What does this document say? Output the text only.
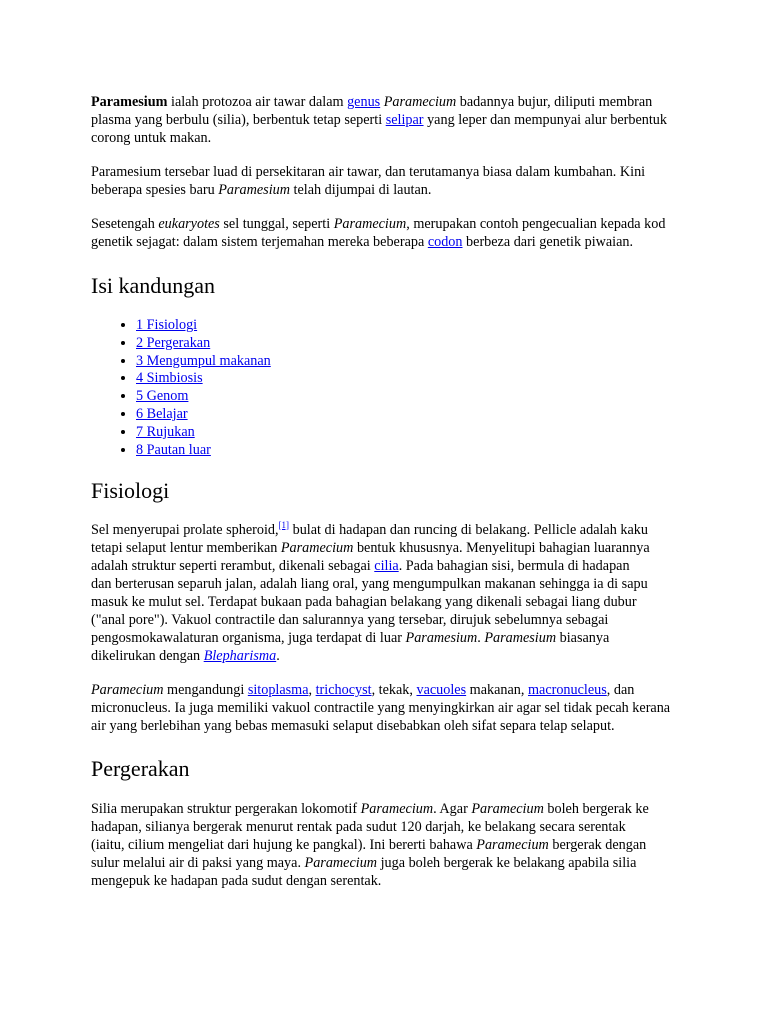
Paramesium ialah protozoa air tawar dalam genus Paramecium badannya bujur, diliputi membran plasma yang berbulu (silia), berbentuk tetap seperti selipar yang leper dan mempunyai alur berbentuk corong untuk makan.

Paramesium tersebar luad di persekitaran air tawar, dan terutamanya biasa dalam kumbahan. Kini beberapa spesies baru Paramesium telah dijumpai di lautan.

Sesetengah eukaryotes sel tunggal, seperti Paramecium, merupakan contoh pengecualian kepada kod genetik sejagat: dalam sistem terjemahan mereka beberapa codon berbeza dari genetik piwaian.

Isi kandungan
• 1 Fisiologi
• 2 Pergerakan
• 3 Mengumpul makanan
• 4 Simbiosis
• 5 Genom
• 6 Belajar
• 7 Rujukan
• 8 Pautan luar
Fisiologi

Sel menyerupai prolate spheroid,[1] bulat di hadapan dan runcing di belakang. Pellicle adalah kaku tetapi selaput lentur memberikan Paramecium bentuk khususnya. Menyelitupi bahagian luarannya adalah struktur seperti rerambut, dikenali sebagai cilia. Pada bahagian sisi, bermula di hadapan dan berterusan separuh jalan, adalah liang oral, yang mengumpulkan makanan sehingga ia di sapu masuk ke mulut sel. Terdapat bukaan pada bahagian belakang yang dikenali sebagai liang dubur ("anal pore"). Vakuol contractile dan salurannya yang tersebar, dirujuk sebelumnya sebagai pengosmokawalaturan organisma, juga terdapat di luar Paramesium. Paramesium biasanya dikelirukan dengan Blepharisma.

Paramecium mengandungi sitoplasma, trichocyst, tekak, vacuoles makanan, macronucleus, dan micronucleus. Ia juga memiliki vakuol contractile yang menyingkirkan air agar sel tidak pecah kerana air yang berlebihan yang bebas memasuki selaput disebabkan oleh sifat separa telap selaput.

Pergerakan

Silia merupakan struktur pergerakan lokomotif Paramecium. Agar Paramecium boleh bergerak ke hadapan, silianya bergerak menurut rentak pada sudut 120 darjah, ke belakang secara serentak (iaitu, cilium mengeliat dari hujung ke pangkal). Ini bererti bahawa Paramecium bergerak dengan sulur melalui air di paksi yang maya. Paramecium juga boleh bergerak ke belakang apabila silia mengepuk ke hadapan pada sudut dengan serentak.
